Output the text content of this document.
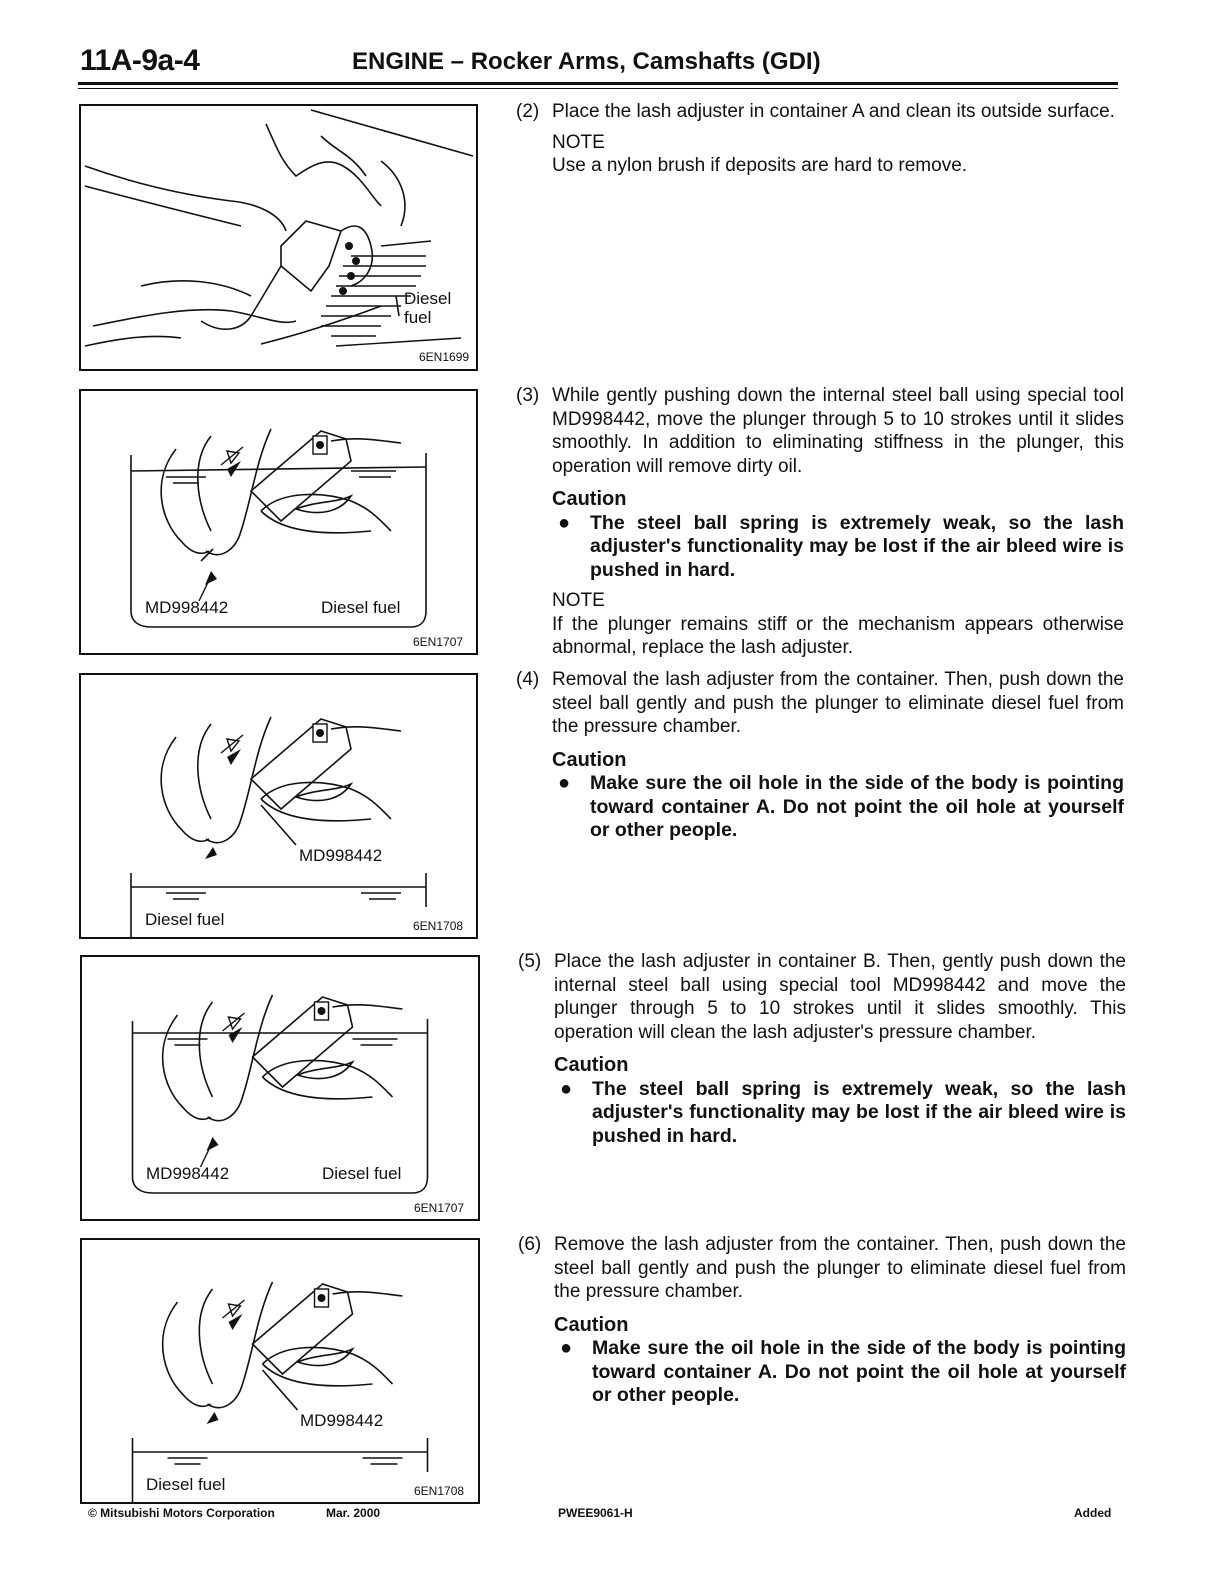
11A-9a-4	ENGINE – Rocker Arms, Camshafts (GDI)
Diesel
fuel
6EN1699
MD998442	Diesel fuel
6EN1707
MD998442
Diesel fuel	6EN1708
MD998442	Diesel fuel
6EN1707
MD998442
Diesel fuel	6EN1708
(2) Place the lash adjuster in container A and clean its outside surface.

NOTE

Use a nylon brush if deposits are hard to remove.

(3) While gently pushing down the internal steel ball using special tool MD998442, move the plunger through 5 to 10 strokes until it slides smoothly. In addition to eliminating stiffness in the plunger, this operation will remove dirty oil.

Caution

● The steel ball spring is extremely weak, so the lash adjuster's functionality may be lost if the air bleed wire is pushed in hard.

NOTE

If the plunger remains stiff or the mechanism appears otherwise abnormal, replace the lash adjuster.

(4) Removal the lash adjuster from the container. Then, push down the steel ball gently and push the plunger to eliminate diesel fuel from the pressure chamber.

Caution

● Make sure the oil hole in the side of the body is pointing toward container A. Do not point the oil hole at yourself or other people.
(5) Place the lash adjuster in container B. Then, gently push down the internal steel ball using special tool MD998442 and move the plunger through 5 to 10 strokes until it slides smoothly. This operation will clean the lash adjuster's pressure chamber.

Caution

● The steel ball spring is extremely weak, so the lash adjuster's functionality may be lost if the air bleed wire is pushed in hard.
(6) Remove the lash adjuster from the container. Then, push down the steel ball gently and push the plunger to eliminate diesel fuel from the pressure chamber.

Caution

● Make sure the oil hole in the side of the body is pointing toward container A. Do not point the oil hole at yourself or other people.
© Mitsubishi Motors Corporation	Mar. 2000	PWEE9061-H	Added
